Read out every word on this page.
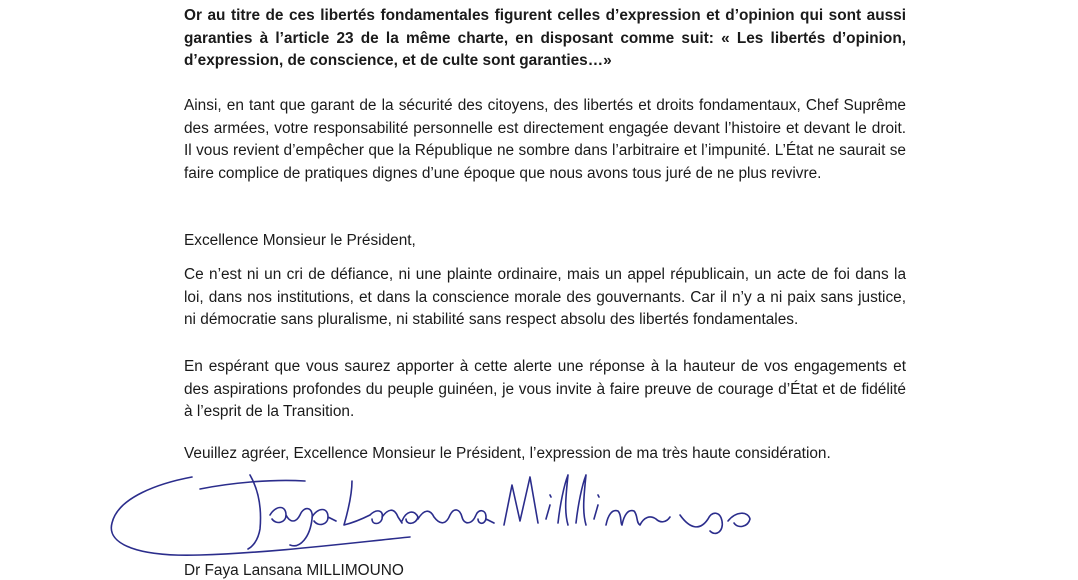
Or au titre de ces libertés fondamentales figurent celles d’expression et d’opinion qui sont aussi garanties à l’article 23 de la même charte, en disposant comme suit: « Les libertés d’opinion, d’expression, de conscience, et de culte sont garanties…»

Ainsi, en tant que garant de la sécurité des citoyens, des libertés et droits fondamentaux, Chef Suprême des armées, votre responsabilité personnelle est directement engagée devant l’histoire et devant le droit. Il vous revient d’empêcher que la République ne sombre dans l’arbitraire et l’impunité. L’État ne saurait se faire complice de pratiques dignes d’une époque que nous avons tous juré de ne plus revivre.

Excellence Monsieur le Président,

Ce n’est ni un cri de défiance, ni une plainte ordinaire, mais un appel républicain, un acte de foi dans la loi, dans nos institutions, et dans la conscience morale des gouvernants. Car il n’y a ni paix sans justice, ni démocratie sans pluralisme, ni stabilité sans respect absolu des libertés fondamentales.

En espérant que vous saurez apporter à cette alerte une réponse à la hauteur de vos engagements et des aspirations profondes du peuple guinéen, je vous invite à faire preuve de courage d’État et de fidélité à l’esprit de la Transition.

Veuillez agréer, Excellence Monsieur le Président, l’expression de ma très haute considération.

Dr Faya Lansana MILLIMOUNO
